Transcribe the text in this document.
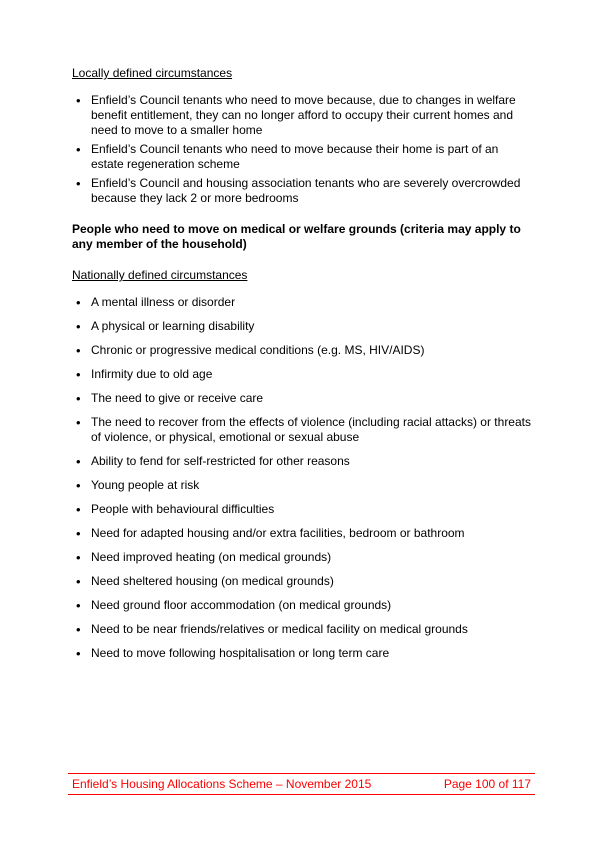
Locally defined circumstances
• Enfield’s Council tenants who need to move because, due to changes in welfare benefit entitlement, they can no longer afford to occupy their current homes and need to move to a smaller home
• Enfield’s Council tenants who need to move because their home is part of an estate regeneration scheme
• Enfield’s Council and housing association tenants who are severely overcrowded because they lack 2 or more bedrooms
People who need to move on medical or welfare grounds (criteria may apply to any member of the household)
Nationally defined circumstances
• A mental illness or disorder
• A physical or learning disability
• Chronic or progressive medical conditions (e.g. MS, HIV/AIDS)
• Infirmity due to old age
• The need to give or receive care
• The need to recover from the effects of violence (including racial attacks) or threats of violence, or physical, emotional or sexual abuse
• Ability to fend for self-restricted for other reasons
• Young people at risk
• People with behavioural difficulties
• Need for adapted housing and/or extra facilities, bedroom or bathroom
• Need improved heating (on medical grounds)
• Need sheltered housing (on medical grounds)
• Need ground floor accommodation (on medical grounds)
• Need to be near friends/relatives or medical facility on medical grounds
• Need to move following hospitalisation or long term care
Enfield’s Housing Allocations Scheme – November 2015	Page 100 of 117
